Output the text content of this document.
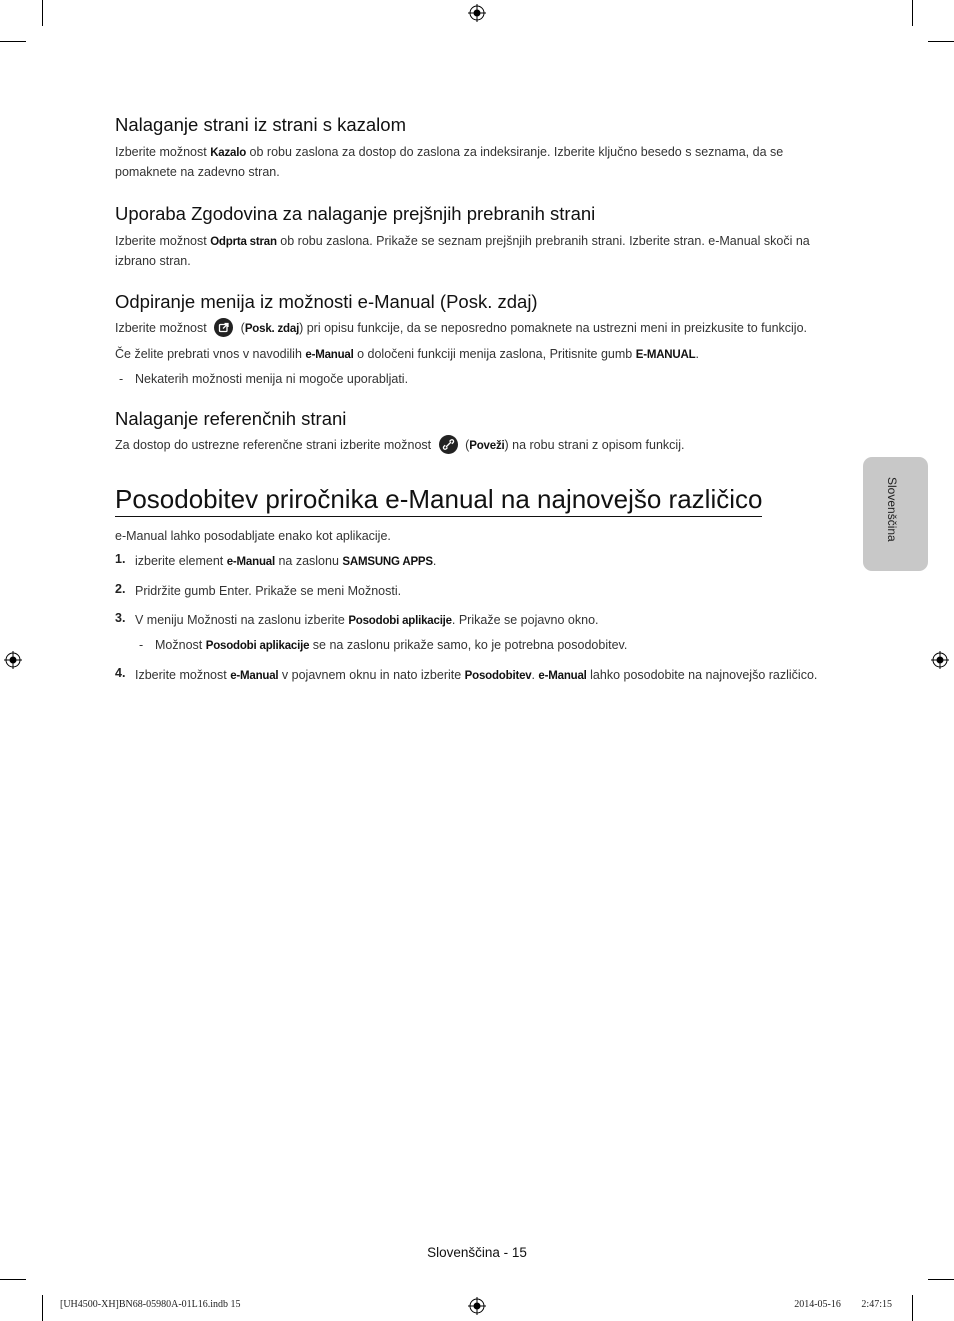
Nalaganje strani iz strani s kazalom

Izberite možnost Kazalo ob robu zaslona za dostop do zaslona za indeksiranje. Izberite ključno besedo s seznama, da se pomaknete na zadevno stran.

Uporaba Zgodovina za nalaganje prejšnjih prebranih strani

Izberite možnost Odprta stran ob robu zaslona. Prikaže se seznam prejšnjih prebranih strani. Izberite stran. e-Manual skoči na izbrano stran.

Odpiranje menija iz možnosti e-Manual (Posk. zdaj)

Izberite možnost
(Posk. zdaj) pri opisu funkcije, da se neposredno pomaknete na ustrezni meni in preizkusite to funkcijo.

Če želite prebrati vnos v navodilih e-Manual o določeni funkciji menija zaslona, Pritisnite gumb E-MANUAL.

- Nekaterih možnosti menija ni mogoče uporabljati.

Nalaganje referenčnih strani

Za dostop do ustrezne referenčne strani izberite možnost
(Poveži) na robu strani z opisom funkcij.

Posodobitev priročnika e-Manual na najnovejšo različico

e-Manual lahko posodabljate enako kot aplikacije.

1. izberite element e-Manual na zaslonu SAMSUNG APPS.

2. Pridržite gumb Enter. Prikaže se meni Možnosti.

3. V meniju Možnosti na zaslonu izberite Posodobi aplikacije. Prikaže se pojavno okno.

- Možnost Posodobi aplikacije se na zaslonu prikaže samo, ko je potrebna posodobitev.

4. Izberite možnost e-Manual v pojavnem oknu in nato izberite Posodobitev. e-Manual lahko posodobite na najnovejšo različico.

Slovenščina
Slovenščina - 15
[UH4500-XH]BN68-05980A-01L16.indb 15	2014-05-16 ￿￿ 2:47:15
